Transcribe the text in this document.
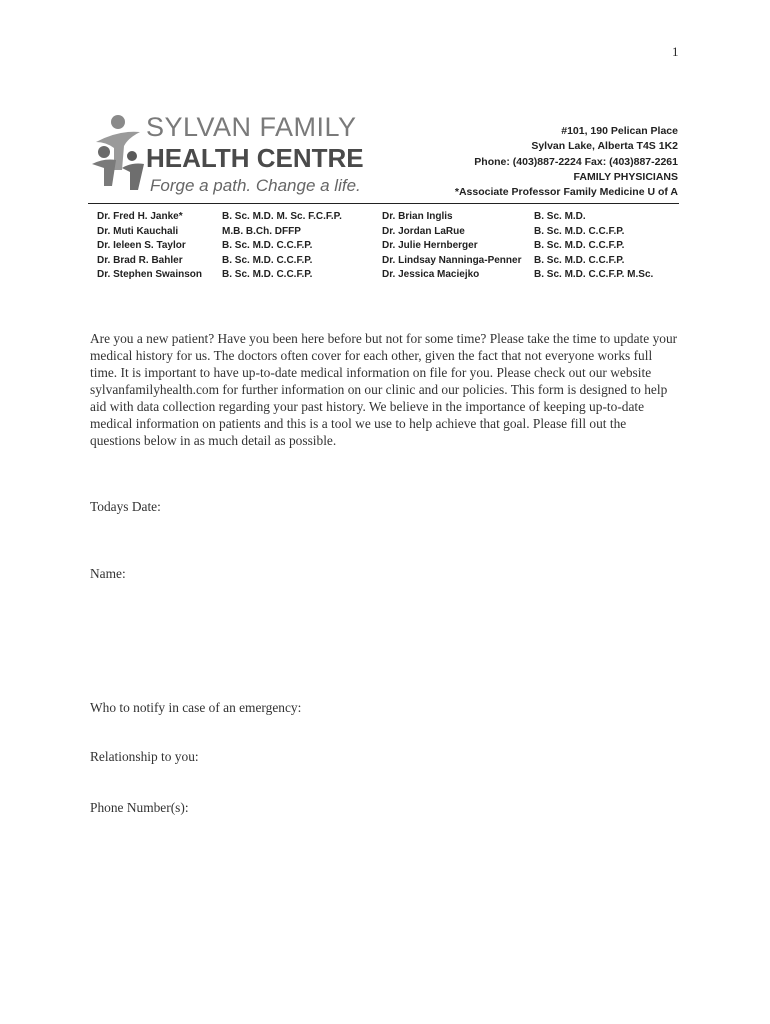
1
SYLVAN FAMILY
HEALTH CENTRE
Forge a path. Change a life.
#101, 190 Pelican Place
Sylvan Lake, Alberta T4S 1K2
Phone: (403)887-2224 Fax: (403)887-2261
FAMILY PHYSICIANS
*Associate Professor Family Medicine U of A
Dr. Fred H. Janke*
Dr. Muti Kauchali
Dr. Ieleen S. Taylor
Dr. Brad R. Bahler
Dr. Stephen Swainson
B. Sc. M.D. M. Sc. F.C.F.P.
M.B. B.Ch. DFFP
B. Sc. M.D. C.C.F.P.
B. Sc. M.D. C.C.F.P.
B. Sc. M.D. C.C.F.P.
Dr. Brian Inglis
Dr. Jordan LaRue
Dr. Julie Hernberger
Dr. Lindsay Nanninga-Penner
Dr. Jessica Maciejko
B. Sc. M.D.
B. Sc. M.D. C.C.F.P.
B. Sc. M.D. C.C.F.P.
B. Sc. M.D. C.C.F.P.
B. Sc. M.D. C.C.F.P. M.Sc.
Are you a new patient? Have you been here before but not for some time? Please take the time to update your medical history for us. The doctors often cover for each other, given the fact that not everyone works full time. It is important to have up-to-date medical information on file for you. Please check out our website sylvanfamilyhealth.com for further information on our clinic and our policies. This form is designed to help aid with data collection regarding your past history. We believe in the importance of keeping up-to-date medical information on patients and this is a tool we use to help achieve that goal. Please fill out the questions below in as much detail as possible.
Todays Date:
Name:
Who to notify in case of an emergency:
Relationship to you:
Phone Number(s):
